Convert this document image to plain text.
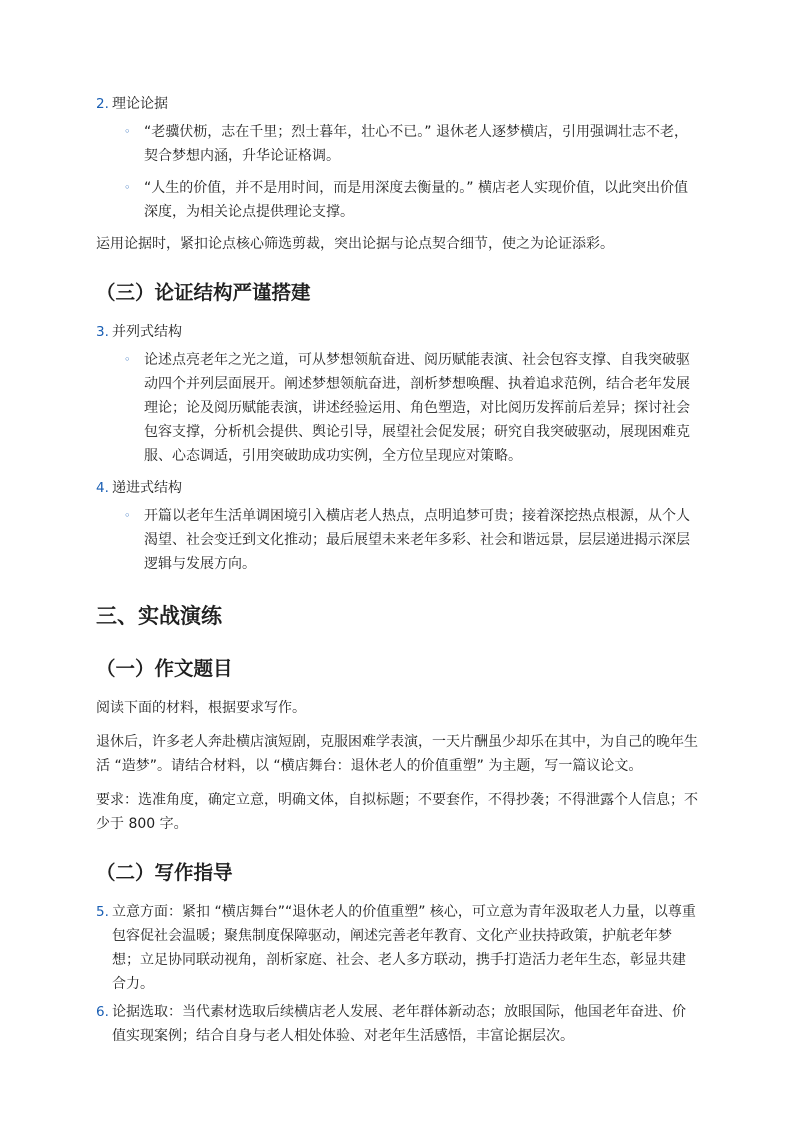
2. 理论论据
◦ “老骥伏枥，志在千里；烈士暮年，壮心不已。” 退休老人逐梦横店，引用强调壮志不老，契合梦想内涵，升华论证格调。
◦ “人生的价值，并不是用时间，而是用深度去衡量的。” 横店老人实现价值，以此突出价值深度，为相关论点提供理论支撑。

运用论据时，紧扣论点核心筛选剪裁，突出论据与论点契合细节，使之为论证添彩。

（三）论证结构严谨搭建
3. 并列式结构
◦ 论述点亮老年之光之道，可从梦想领航奋进、阅历赋能表演、社会包容支撑、自我突破驱动四个并列层面展开。阐述梦想领航奋进，剖析梦想唤醒、执着追求范例，结合老年发展理论；论及阅历赋能表演，讲述经验运用、角色塑造，对比阅历发挥前后差异；探讨社会包容支撑，分析机会提供、舆论引导，展望社会促发展；研究自我突破驱动，展现困难克服、心态调适，引用突破助成功实例，全方位呈现应对策略。
4. 递进式结构
◦ 开篇以老年生活单调困境引入横店老人热点，点明追梦可贵；接着深挖热点根源，从个人渴望、社会变迁到文化推动；最后展望未来老年多彩、社会和谐远景，层层递进揭示深层逻辑与发展方向。
三、实战演练
（一）作文题目

阅读下面的材料，根据要求写作。

退休后，许多老人奔赴横店演短剧，克服困难学表演，一天片酬虽少却乐在其中，为自己的晚年生活 “造梦”。请结合材料，以 “横店舞台：退休老人的价值重塑” 为主题，写一篇议论文。

要求：选准角度，确定立意，明确文体，自拟标题；不要套作，不得抄袭；不得泄露个人信息；不少于 800 字。

（二）写作指导
5. 立意方面：紧扣 “横店舞台”“退休老人的价值重塑” 核心，可立意为青年汲取老人力量，以尊重包容促社会温暖；聚焦制度保障驱动，阐述完善老年教育、文化产业扶持政策，护航老年梦想；立足协同联动视角，剖析家庭、社会、老人多方联动，携手打造活力老年生态，彰显共建合力。
6. 论据选取：当代素材选取后续横店老人发展、老年群体新动态；放眼国际，他国老年奋进、价值实现案例；结合自身与老人相处体验、对老年生活感悟，丰富论据层次。
